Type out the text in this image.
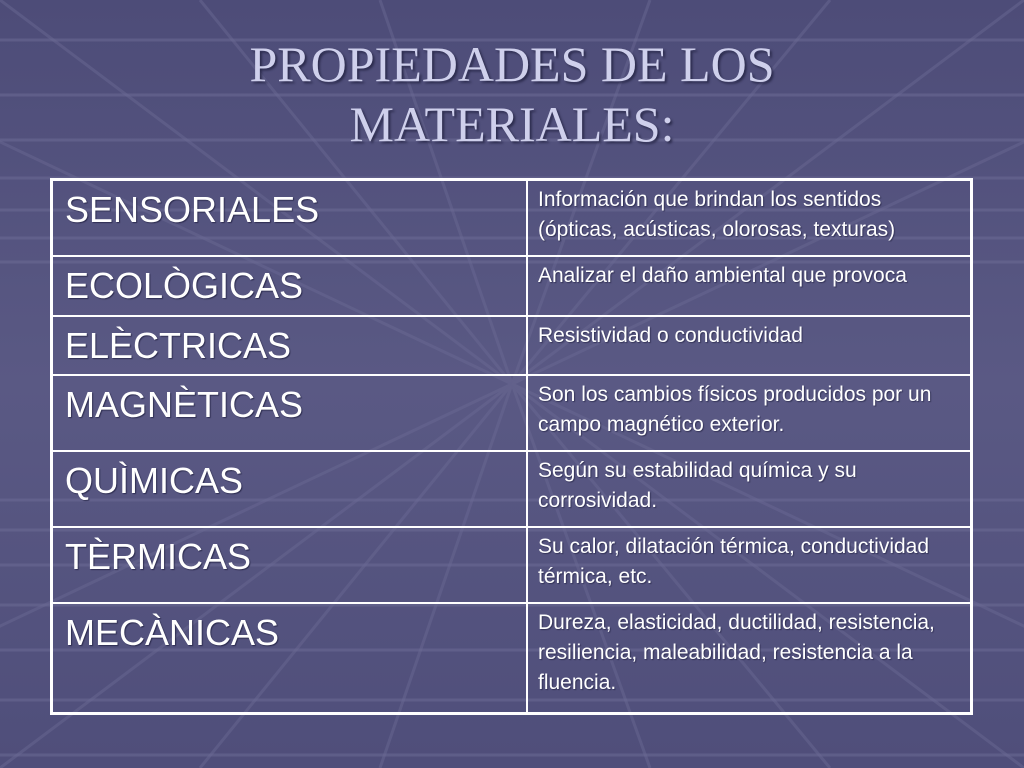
PROPIEDADES DE LOS
MATERIALES:
SENSORIALES	Información que brindan los sentidos (ópticas, acústicas, olorosas, texturas)
ECOLÒGICAS	Analizar el daño ambiental que provoca
ELÈCTRICAS	Resistividad o conductividad
MAGNÈTICAS	Son los cambios físicos producidos por un campo magnético exterior.
QUÌMICAS	Según su estabilidad química y su corrosividad.
TÈRMICAS	Su calor, dilatación térmica, conductividad térmica, etc.
MECÀNICAS	Dureza, elasticidad, ductilidad, resistencia, resiliencia, maleabilidad, resistencia a la fluencia.
